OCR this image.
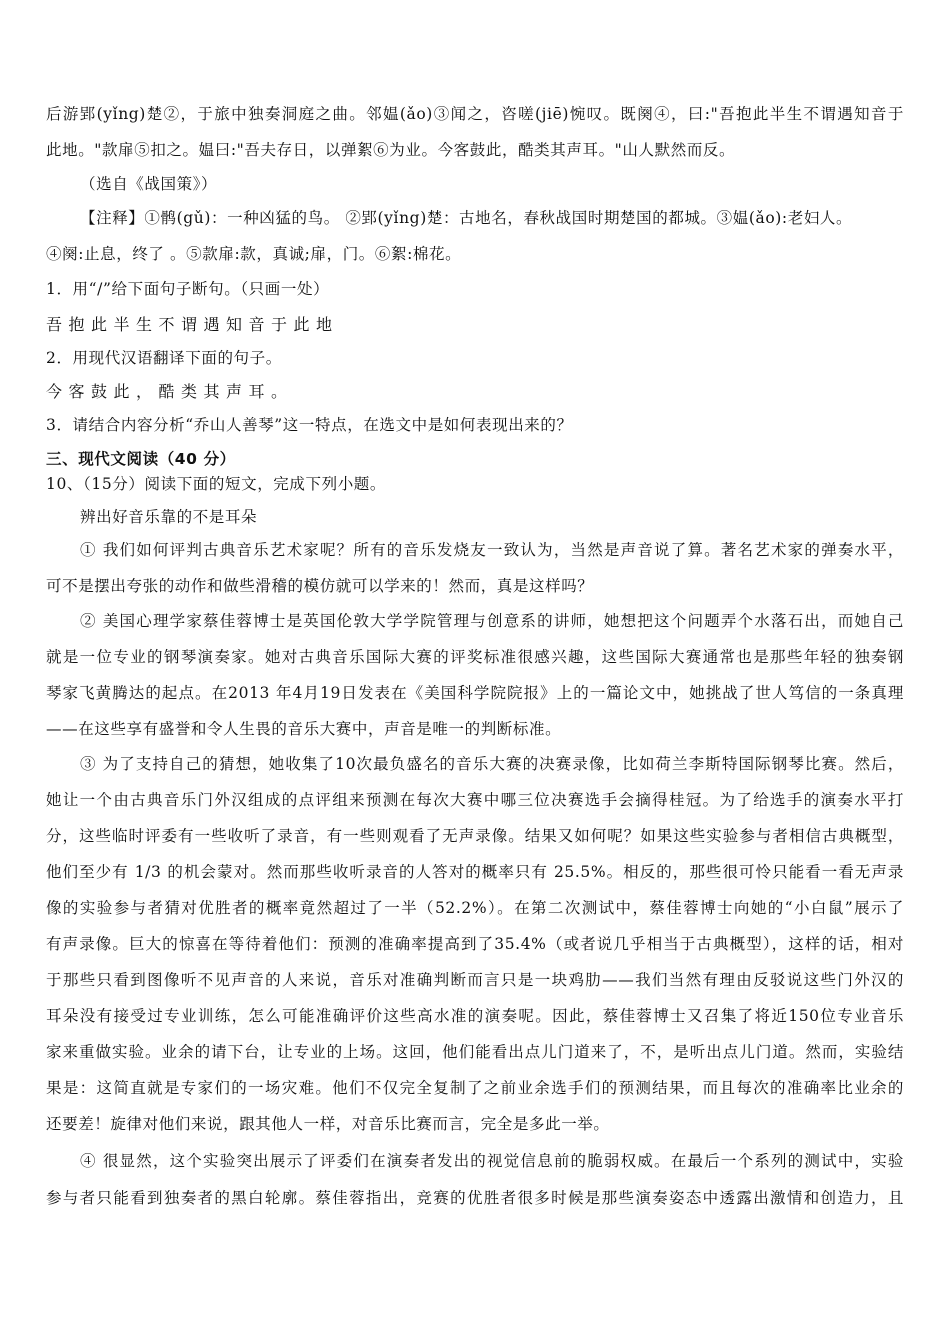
后游郢(yǐng)楚②，于旅中独奏洞庭之曲。邻媪(ǎo)③闻之，咨嗟(jiē)惋叹。既阕④，曰:"吾抱此半生不谓遇知音于
此地。"款扉⑤扣之。媪曰:"吾夫存日，以弹絮⑥为业。今客鼓此，酷类其声耳。"山人默然而反。
（选自《战国策》）
【注释】①鹘(gǔ)：一种凶猛的鸟。 ②郢(yǐng)楚：古地名，春秋战国时期楚国的都城。③媪(ǎo):老妇人。
④阕:止息，终了 。⑤款扉:款，真诚;扉，门。⑥絮:棉花。
1．用“/”给下面句子断句。（只画一处）
吾抱此半生不谓遇知音于此地
2．用现代汉语翻译下面的句子。
今客鼓此，酷类其声耳。
3．请结合内容分析“乔山人善琴”这一特点，在选文中是如何表现出来的？
三、现代文阅读（40 分）
10、（15分）阅读下面的短文，完成下列小题。
辨出好音乐靠的不是耳朵
① 我们如何评判古典音乐艺术家呢？所有的音乐发烧友一致认为，当然是声音说了算。著名艺术家的弹奏水平，
可不是摆出夸张的动作和做些滑稽的模仿就可以学来的！然而，真是这样吗？
② 美国心理学家蔡佳蓉博士是英国伦敦大学学院管理与创意系的讲师，她想把这个问题弄个水落石出，而她自己
就是一位专业的钢琴演奏家。她对古典音乐国际大赛的评奖标准很感兴趣，这些国际大赛通常也是那些年轻的独奏钢
琴家飞黄腾达的起点。在2013 年4月19日发表在《美国科学院院报》上的一篇论文中，她挑战了世人笃信的一条真理
——在这些享有盛誉和令人生畏的音乐大赛中，声音是唯一的判断标准。
③ 为了支持自己的猜想，她收集了10次最负盛名的音乐大赛的决赛录像，比如荷兰李斯特国际钢琴比赛。然后，
她让一个由古典音乐门外汉组成的点评组来预测在每次大赛中哪三位决赛选手会摘得桂冠。为了给选手的演奏水平打
分，这些临时评委有一些收听了录音，有一些则观看了无声录像。结果又如何呢？如果这些实验参与者相信古典概型，
他们至少有 1/3 的机会蒙对。然而那些收听录音的人答对的概率只有 25.5%。相反的，那些很可怜只能看一看无声录
像的实验参与者猜对优胜者的概率竟然超过了一半（52.2%）。在第二次测试中，蔡佳蓉博士向她的“小白鼠”展示了
有声录像。巨大的惊喜在等待着他们：预测的准确率提高到了35.4%（或者说几乎相当于古典概型），这样的话，相对
于那些只看到图像听不见声音的人来说，音乐对准确判断而言只是一块鸡肋——我们当然有理由反驳说这些门外汉的
耳朵没有接受过专业训练，怎么可能准确评价这些高水准的演奏呢。因此，蔡佳蓉博士又召集了将近150位专业音乐
家来重做实验。业余的请下台，让专业的上场。这回，他们能看出点儿门道来了，不，是听出点儿门道。然而，实验结
果是：这简直就是专家们的一场灾难。他们不仅完全复制了之前业余选手们的预测结果，而且每次的准确率比业余的
还要差！旋律对他们来说，跟其他人一样，对音乐比赛而言，完全是多此一举。
④ 很显然，这个实验突出展示了评委们在演奏者发出的视觉信息前的脆弱权威。在最后一个系列的测试中，实验
参与者只能看到独奏者的黑白轮廓。蔡佳蓉指出，竞赛的优胜者很多时候是那些演奏姿态中透露出激情和创造力，且
